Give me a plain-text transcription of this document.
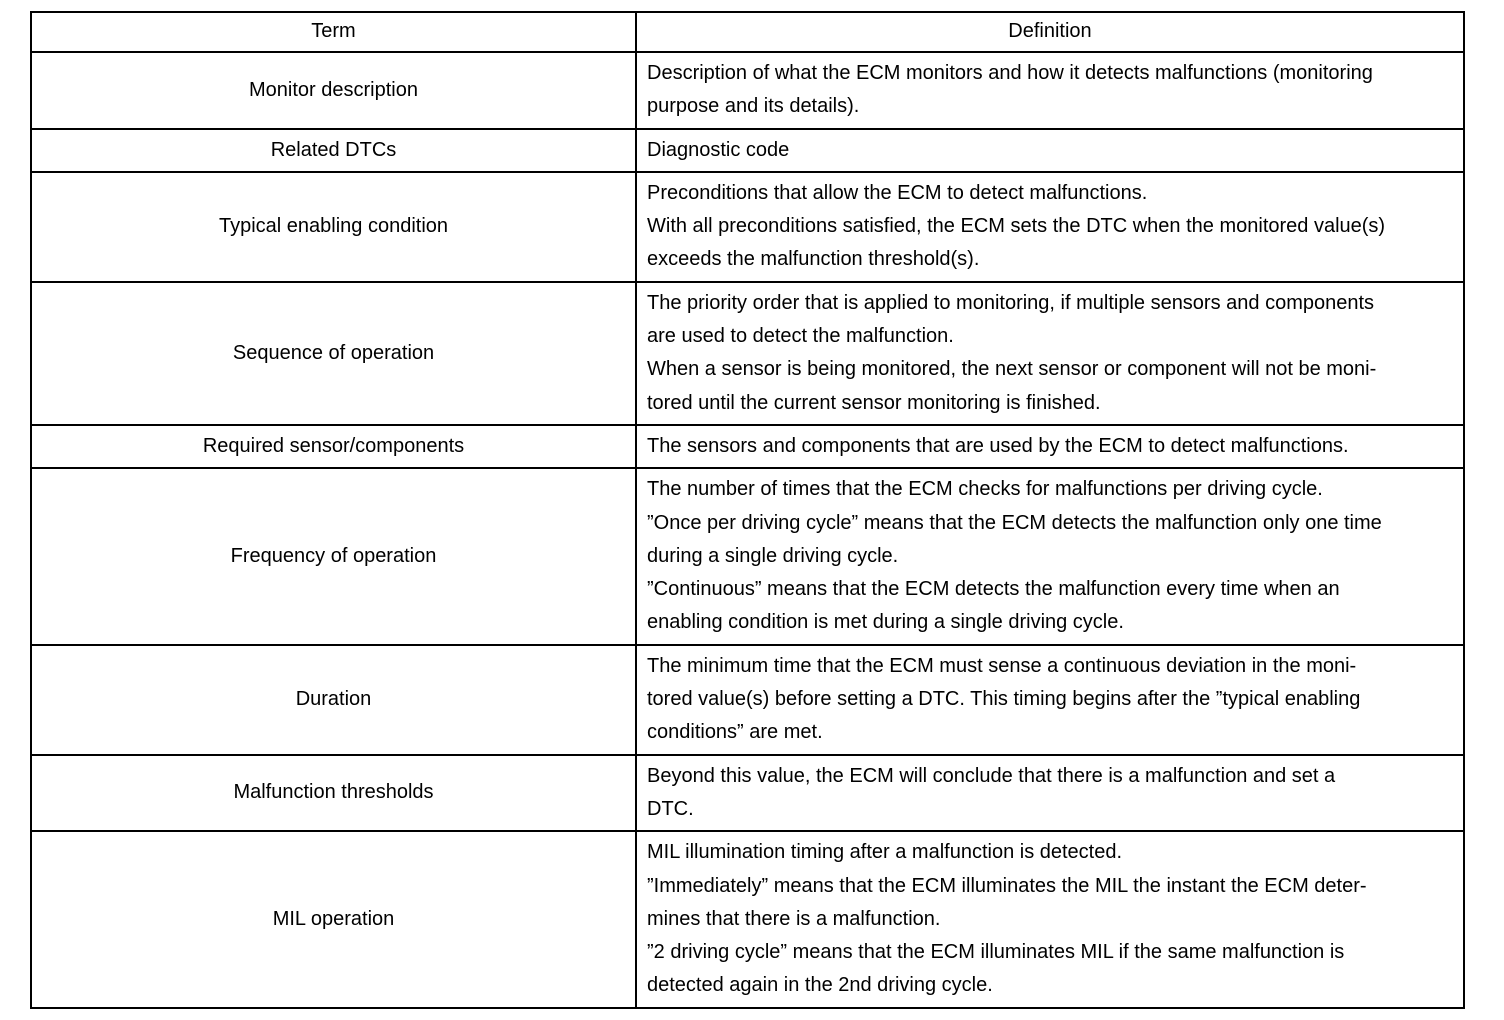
Term	Definition
Monitor description	Description of what the ECM monitors and how it detects malfunctions (monitoring
purpose and its details).

Related DTCs	Diagnostic code

Typical enabling condition	Preconditions that allow the ECM to detect malfunctions.
With all preconditions satisfied, the ECM sets the DTC when the monitored value(s)
exceeds the malfunction threshold(s).

Sequence of operation	The priority order that is applied to monitoring, if multiple sensors and components
are used to detect the malfunction.
When a sensor is being monitored, the next sensor or component will not be moni-
tored until the current sensor monitoring is finished.

Required sensor/components	The sensors and components that are used by the ECM to detect malfunctions.

Frequency of operation	The number of times that the ECM checks for malfunctions per driving cycle.
”Once per driving cycle” means that the ECM detects the malfunction only one time
during a single driving cycle.
”Continuous” means that the ECM detects the malfunction every time when an
enabling condition is met during a single driving cycle.

Duration	The minimum time that the ECM must sense a continuous deviation in the moni-
tored value(s) before setting a DTC. This timing begins after the ”typical enabling
conditions” are met.

Malfunction thresholds	Beyond this value, the ECM will conclude that there is a malfunction and set a
DTC.

MIL operation	MIL illumination timing after a malfunction is detected.
”Immediately” means that the ECM illuminates the MIL the instant the ECM deter-
mines that there is a malfunction.
”2 driving cycle” means that the ECM illuminates MIL if the same malfunction is
detected again in the 2nd driving cycle.
